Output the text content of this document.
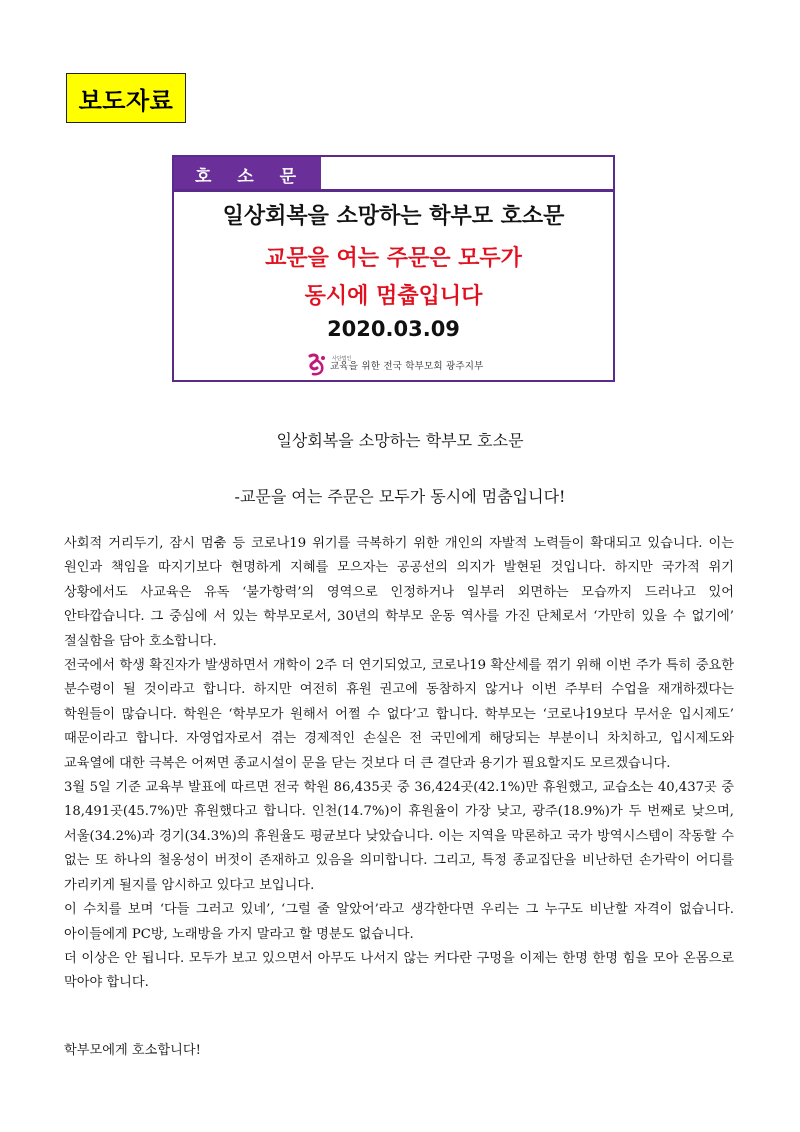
보도자료
호 소 문
일상회복을 소망하는 학부모 호소문
교문을 여는 주문은 모두가
동시에 멈춥입니다
2020.03.09
사단법인
교육을 위한 전국 학부모회 광주지부
일상회복을 소망하는 학부모 호소문
-교문을 여는 주문은 모두가 동시에 멈춤입니다!

사회적 거리두기, 잠시 멈춤 등 코로나19 위기를 극복하기 위한 개인의 자발적 노력들이 확대되고 있습니다. 이는 원인과 책임을 따지기보다 현명하게 지혜를 모으자는 공공선의 의지가 발현된 것입니다. 하지만 국가적 위기 상황에서도 사교육은 유독 ‘불가항력’의 영역으로 인정하거나 일부러 외면하는 모습까지 드러나고 있어 안타깝습니다. 그 중심에 서 있는 학부모로서, 30년의 학부모 운동 역사를 가진 단체로서 ‘가만히 있을 수 없기에’ 절실함을 담아 호소합니다.

전국에서 학생 확진자가 발생하면서 개학이 2주 더 연기되었고, 코로나19 확산세를 꺾기 위해 이번 주가 특히 중요한 분수령이 될 것이라고 합니다. 하지만 여전히 휴원 권고에 동참하지 않거나 이번 주부터 수업을 재개하겠다는 학원들이 많습니다. 학원은 ‘학부모가 원해서 어쩔 수 없다’고 합니다. 학부모는 ‘코로나19보다 무서운 입시제도’ 때문이라고 합니다. 자영업자로서 겪는 경제적인 손실은 전 국민에게 해당되는 부분이니 차치하고, 입시제도와 교육열에 대한 극복은 어쩌면 종교시설이 문을 닫는 것보다 더 큰 결단과 용기가 필요할지도 모르겠습니다.

3월 5일 기준 교육부 발표에 따르면 전국 학원 86,435곳 중 36,424곳(42.1%)만 휴원했고, 교습소는 40,437곳 중 18,491곳(45.7%)만 휴원했다고 합니다. 인천(14.7%)이 휴원율이 가장 낮고, 광주(18.9%)가 두 번째로 낮으며, 서울(34.2%)과 경기(34.3%)의 휴원율도 평균보다 낮았습니다. 이는 지역을 막론하고 국가 방역시스템이 작동할 수 없는 또 하나의 철옹성이 버젓이 존재하고 있음을 의미합니다. 그리고, 특정 종교집단을 비난하던 손가락이 어디를 가리키게 될지를 암시하고 있다고 보입니다.

이 수치를 보며 ‘다들 그러고 있네’, ‘그럴 줄 알았어’라고 생각한다면 우리는 그 누구도 비난할 자격이 없습니다. 아이들에게 PC방, 노래방을 가지 말라고 할 명분도 없습니다.

더 이상은 안 됩니다. 모두가 보고 있으면서 아무도 나서지 않는 커다란 구멍을 이제는 한명 한명 힘을 모아 온몸으로 막아야 합니다.

학부모에게 호소합니다!
